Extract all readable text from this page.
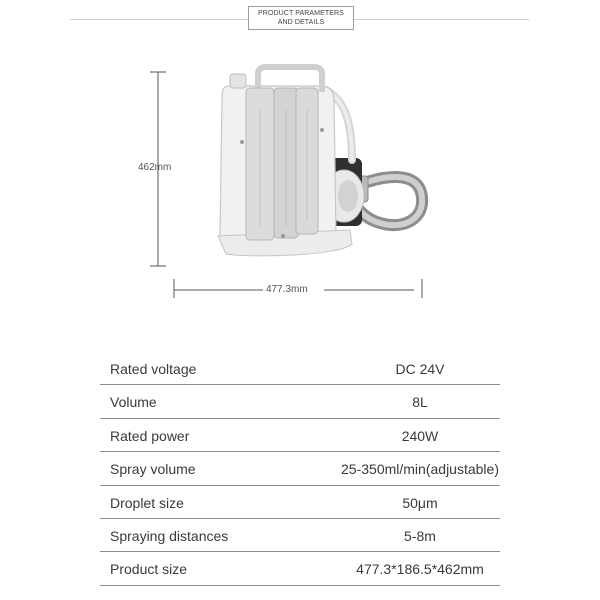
PRODUCT PARAMETERS
AND DETAILS
462mm
477.3mm
Rated voltage	DC 24V
Volume	8L
Rated power	240W
Spray volume	25-350ml/min(adjustable)
Droplet size	50μm
Spraying distances	5-8m
Product size	477.3*186.5*462mm
